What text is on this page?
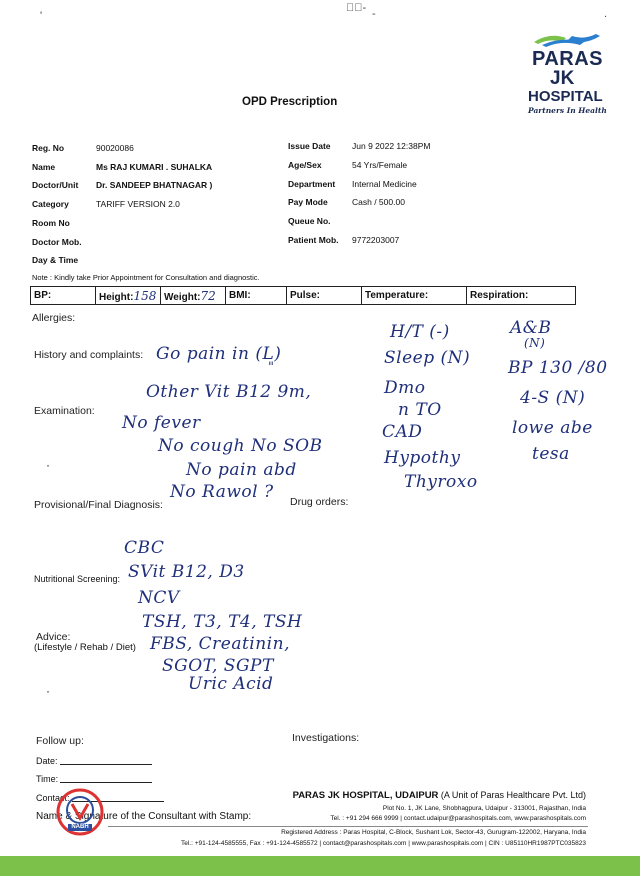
'
⁻ﾟ- -	.
PARAS
JK
HOSPITAL
Partners In Health
OPD Prescription
Reg. No	90020086
Name	Ms RAJ KUMARI . SUHALKA
Doctor/Unit Dr. SANDEEP BHATNAGAR )
Category	TARIFF VERSION 2.0
Room No
Doctor Mob.
Day & Time
Issue Date	Jun 9 2022 12:38PM
Age/Sex	54 Yrs/Female
Department Internal Medicine
Pay Mode	Cash / 500.00
Queue No.
Patient Mob. 9772203007
Note : Kindly take Prior Appointment for Consultation and diagnostic.
BP:	Height:158	Weight:72	BMI:	Pulse:	Temperature:	Respiration:
Allergies:
History and complaints:
Examination:
Provisional/Final Diagnosis:	Drug orders:
Nutritional Screening:
Advice:
(Lifestyle / Rehab / Diet)
·
·
Go pain in (L)
"
Other Vit B12 9m,
No fever
No cough No SOB
No pain abd
No Rawol ?
H/T (-)
Sleep (N)
Dmo
n TO
CAD
Hypothy
Thyroxo
A&B
(N)
BP 130 /80
4-S (N)
lowe abe
tesa
CBC
SVit B12, D3
NCV
TSH, T3, T4, TSH
FBS, Creatinin,
SGOT, SGPT
Uric Acid
Follow up:	Investigations:
Date:
Time:
Contact:
Name & Signature of the Consultant with Stamp:
NABH
PARAS JK HOSPITAL, UDAIPUR (A Unit of Paras Healthcare Pvt. Ltd)
Plot No. 1, JK Lane, Shobhagpura, Udaipur - 313001, Rajasthan, India
Tel. : +91 294 666 9999 | contact.udaipur@parashospitals.com, www.parashospitals.com
Registered Address : Paras Hospital, C-Block, Sushant Lok, Sector-43, Gurugram-122002, Haryana, India
Tel.: +91-124-4585555, Fax : +91-124-4585572 | contact@parashospitals.com | www.parashospitals.com | CIN : U85110HR1987PTC035823
